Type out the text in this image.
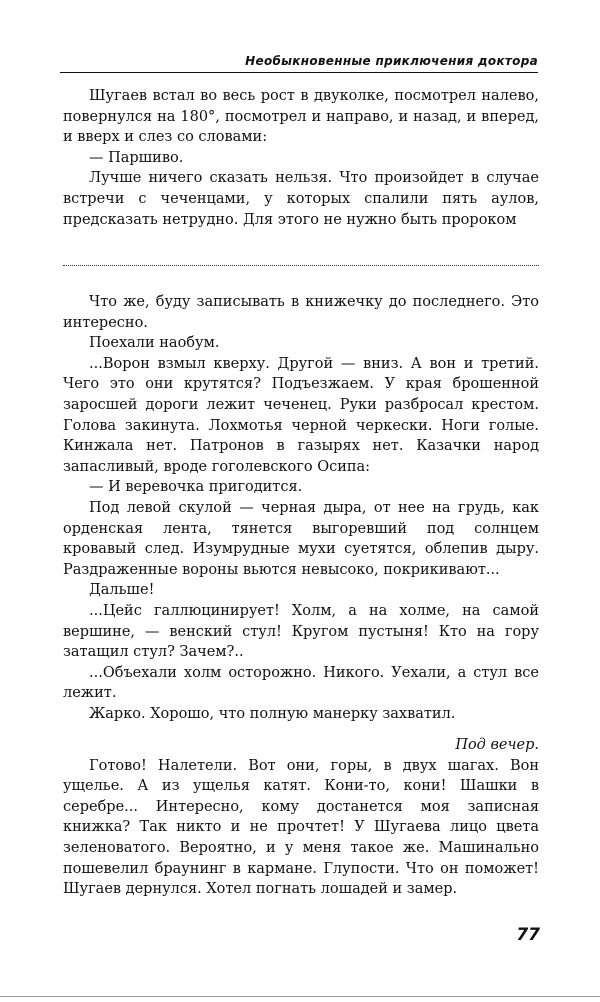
Необыкновенные приключения доктора

Шугаев встал во весь рост в двуколке, посмотрел налево, повернулся на 180°, посмотрел и направо, и назад, и вперед, и вверх и слез со словами:

— Паршиво.

Лучше ничего сказать нельзя. Что произойдет в случае встречи с чеченцами, у которых спалили пять аулов, предсказать нетрудно. Для этого не нужно быть пророком

Что же, буду записывать в книжечку до последнего. Это интересно.

Поехали наобум.

...Ворон взмыл кверху. Другой — вниз. А вон и третий. Чего это они крутятся? Подъезжаем. У края брошенной заросшей дороги лежит чеченец. Руки разбросал крестом. Голова закинута. Лохмотья черной черкески. Ноги голые. Кинжала нет. Патронов в газырях нет. Казачки народ запасливый, вроде гоголевского Осипа:

— И веревочка пригодится.

Под левой скулой — черная дыра, от нее на грудь, как орденская лента, тянется выгоревший под солнцем кровавый след. Изумрудные мухи суетятся, облепив дыру. Раздраженные вороны вьются невысоко, покрикивают...

Дальше!

...Цейс галлюцинирует! Холм, а на холме, на самой вершине, — венский стул! Кругом пустыня! Кто на гору затащил стул? Зачем?..

...Объехали холм осторожно. Никого. Уехали, а стул все лежит.

Жарко. Хорошо, что полную манерку захватил.

Под вечер.

Готово! Налетели. Вот они, горы, в двух шагах. Вон ущелье. А из ущелья катят. Кони-то, кони! Шашки в серебре... Интересно, кому достанется моя записная книжка? Так никто и не прочтет! У Шугаева лицо цвета зеленоватого. Вероятно, и у меня такое же. Машинально пошевелил браунинг в кармане. Глупости. Что он поможет! Шугаев дернулся. Хотел погнать лошадей и замер.

77
